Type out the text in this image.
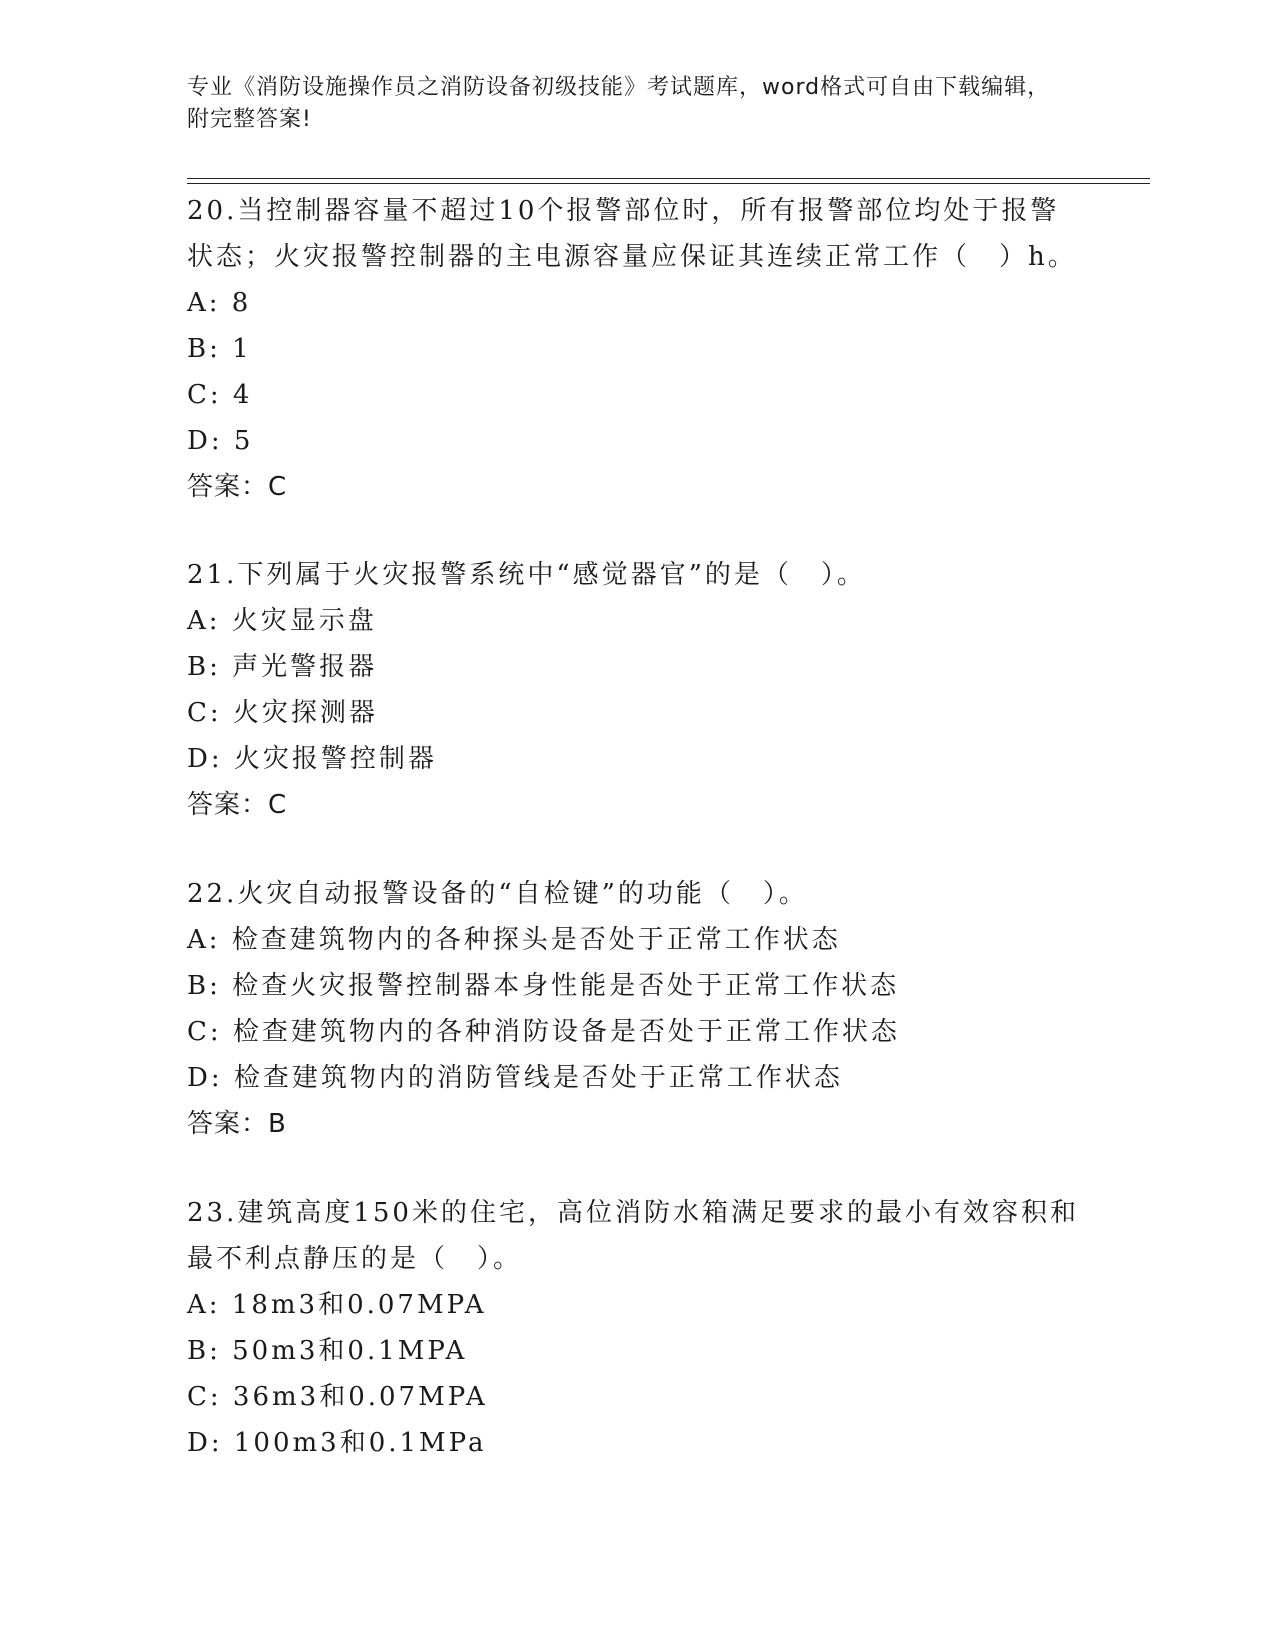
专业《消防设施操作员之消防设备初级技能》考试题库，word格式可自由下载编辑，附完整答案!
20.当控制器容量不超过10个报警部位时，所有报警部位均处于报警状态；火灾报警控制器的主电源容量应保证其连续正常工作（　）h。
A: 8
B: 1
C: 4
D: 5
答案：C
21.下列属于火灾报警系统中“感觉器官”的是（　）。
A: 火灾显示盘
B: 声光警报器
C: 火灾探测器
D: 火灾报警控制器
答案：C
22.火灾自动报警设备的“自检键”的功能（　）。
A: 检查建筑物内的各种探头是否处于正常工作状态
B: 检查火灾报警控制器本身性能是否处于正常工作状态
C: 检查建筑物内的各种消防设备是否处于正常工作状态
D: 检查建筑物内的消防管线是否处于正常工作状态
答案：B
23.建筑高度150米的住宅，高位消防水箱满足要求的最小有效容积和最不利点静压的是（　）。
A: 18m3和0.07MPA
B: 50m3和0.1MPA
C: 36m3和0.07MPA
D: 100m3和0.1MPa
